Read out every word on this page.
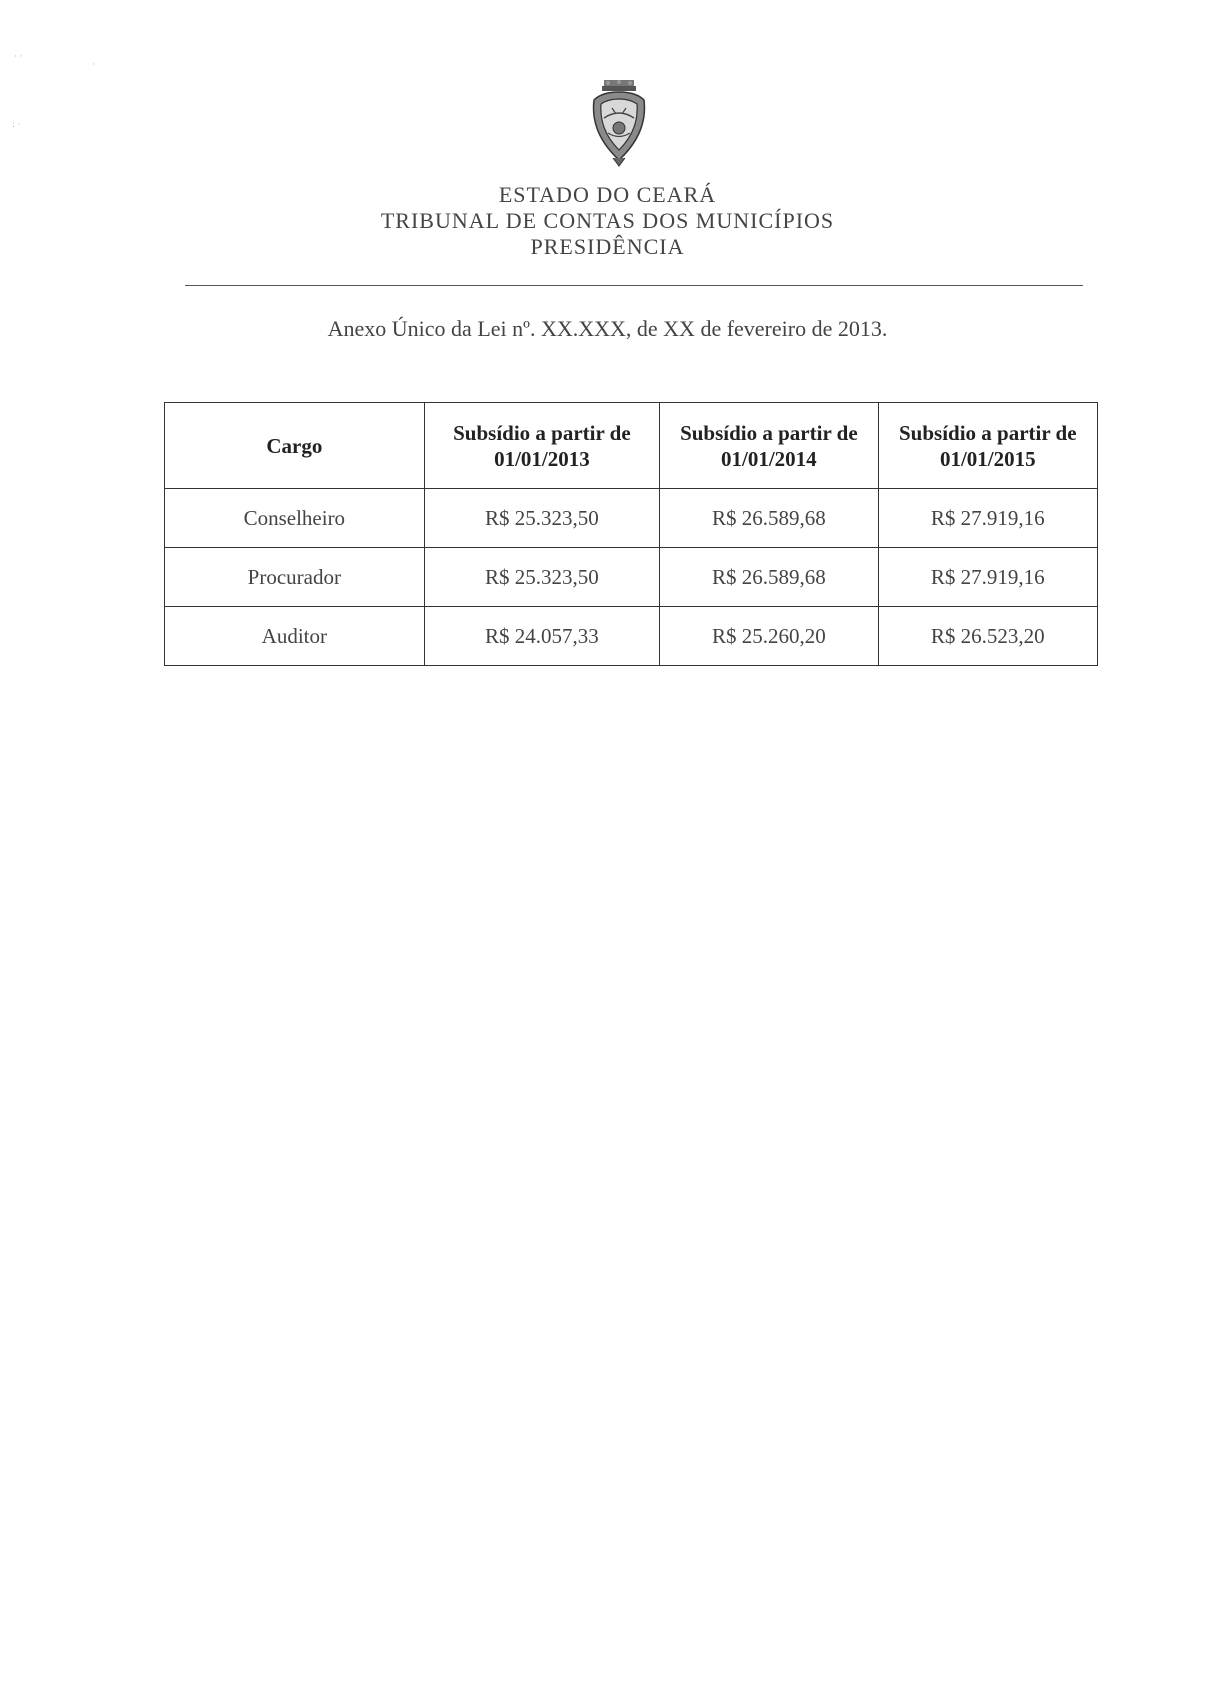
· ·
·
: ·
ESTADO DO CEARÁ
TRIBUNAL DE CONTAS DOS MUNICÍPIOS
PRESIDÊNCIA
Anexo Único da Lei nº. XX.XXX, de XX de fevereiro de 2013.
Cargo	Subsídio a partir de 01/01/2013	Subsídio a partir de 01/01/2014	Subsídio a partir de 01/01/2015
Conselheiro	R$ 25.323,50	R$ 26.589,68	R$ 27.919,16
Procurador	R$ 25.323,50	R$ 26.589,68	R$ 27.919,16
Auditor	R$ 24.057,33	R$ 25.260,20	R$ 26.523,20
